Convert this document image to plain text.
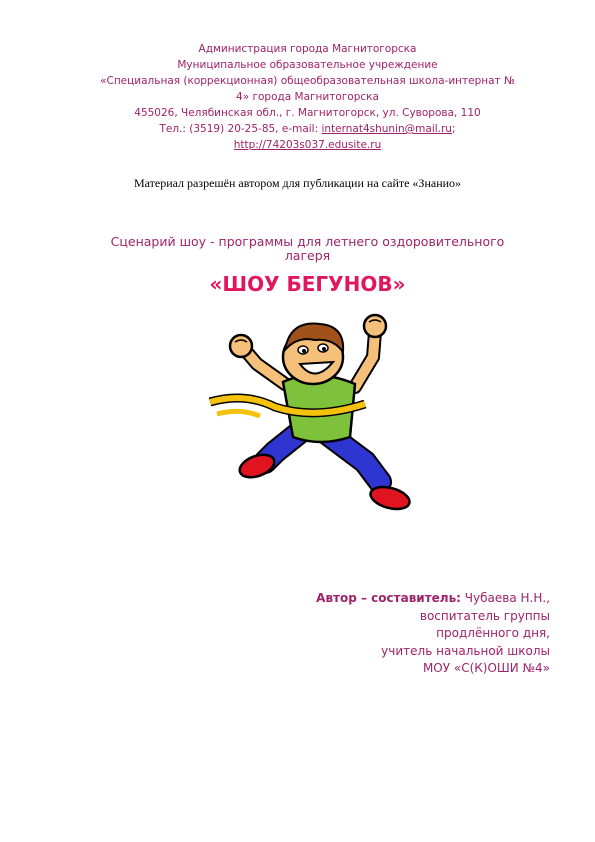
Администрация города Магнитогорска
Муниципальное образовательное учреждение
«Специальная (коррекционная) общеобразовательная школа-интернат №
4» города Магнитогорска
455026, Челябинская обл., г. Магнитогорск, ул. Суворова, 110
Тел.: (3519) 20-25-85, e-mail: internat4shunin@mail.ru;
http://74203s037.edusite.ru
Материал разрешён автором для публикации на сайте «Знанио»
Сценарий шоу - программы для летнего оздоровительного
лагеря
«ШОУ БЕГУНОВ»
Автор – составитель: Чубаева Н.Н.,
воспитатель группы
продлённого дня,
учитель начальной школы
МОУ «С(К)ОШИ №4»
